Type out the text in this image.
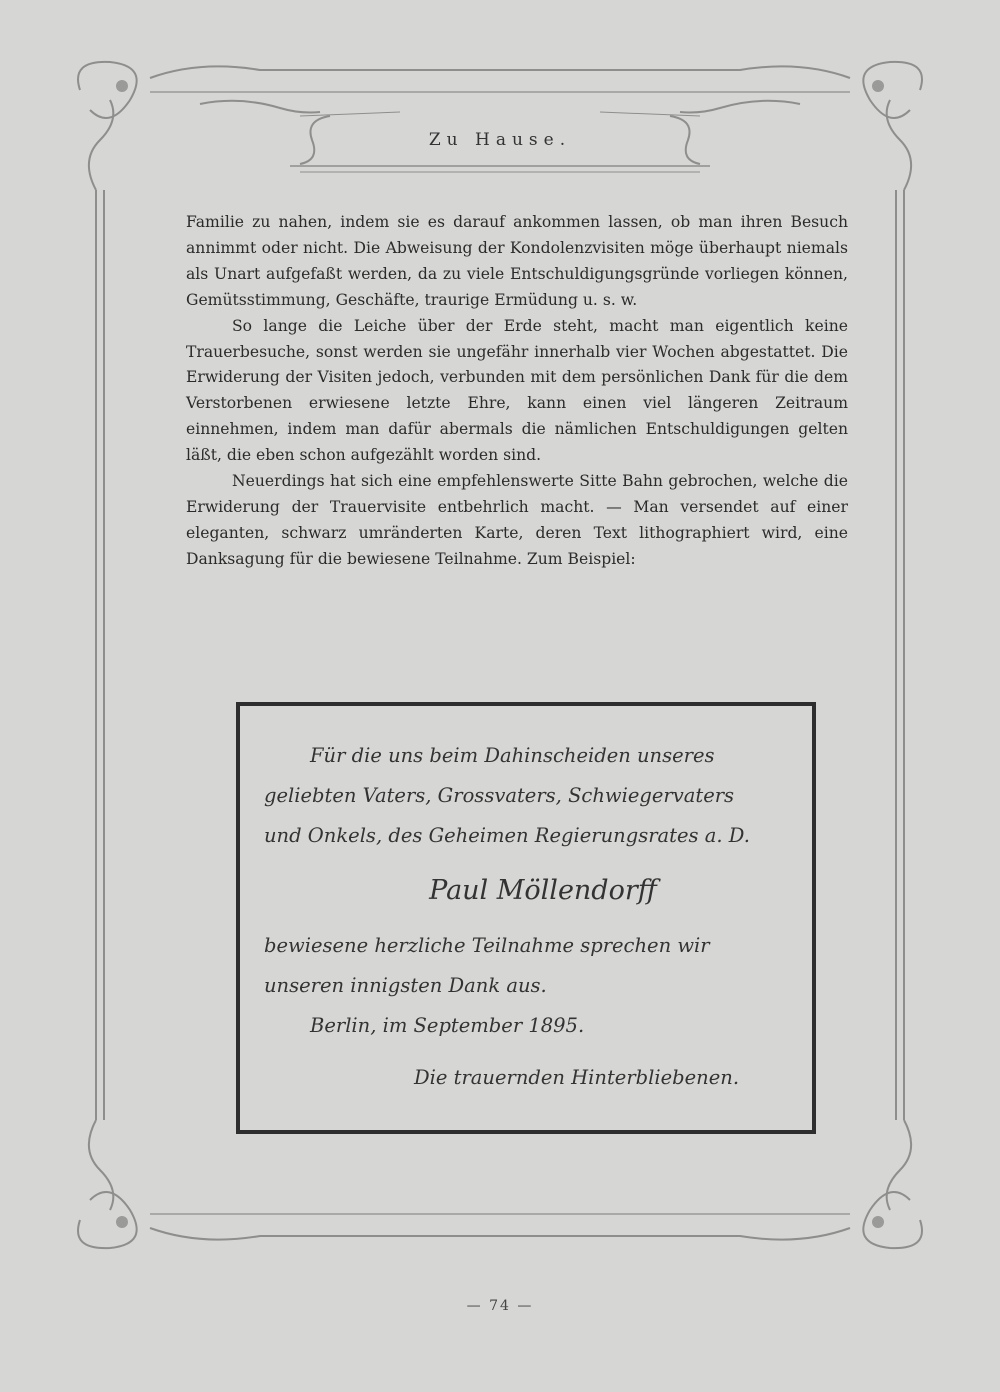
Zu Hause.

Familie zu nahen, indem sie es darauf ankommen lassen, ob man ihren Besuch annimmt oder nicht. Die Abweisung der Kondolenzvisiten möge überhaupt niemals als Unart aufgefaßt werden, da zu viele Entschuldigungsgründe vorliegen können, Gemütsstimmung, Geschäfte, traurige Ermüdung u. s. w.

So lange die Leiche über der Erde steht, macht man eigentlich keine Trauerbesuche, sonst werden sie ungefähr innerhalb vier Wochen abgestattet. Die Erwiderung der Visiten jedoch, verbunden mit dem persönlichen Dank für die dem Verstorbenen erwiesene letzte Ehre, kann einen viel längeren Zeitraum einnehmen, indem man dafür abermals die nämlichen Entschuldigungen gelten läßt, die eben schon aufgezählt worden sind.

Neuerdings hat sich eine empfehlenswerte Sitte Bahn gebrochen, welche die Erwiderung der Trauervisite entbehrlich macht. — Man versendet auf einer eleganten, schwarz umränderten Karte, deren Text lithographiert wird, eine Danksagung für die bewiesene Teilnahme. Zum Beispiel:

Für die uns beim Dahinscheiden unseres
geliebten Vaters, Grossvaters, Schwiegervaters
und Onkels, des Geheimen Regierungsrates a. D.
Paul Möllendorff
bewiesene herzliche Teilnahme sprechen wir
unseren innigsten Dank aus.
Berlin, im September 1895.
Die trauernden Hinterbliebenen.
— 74 —
